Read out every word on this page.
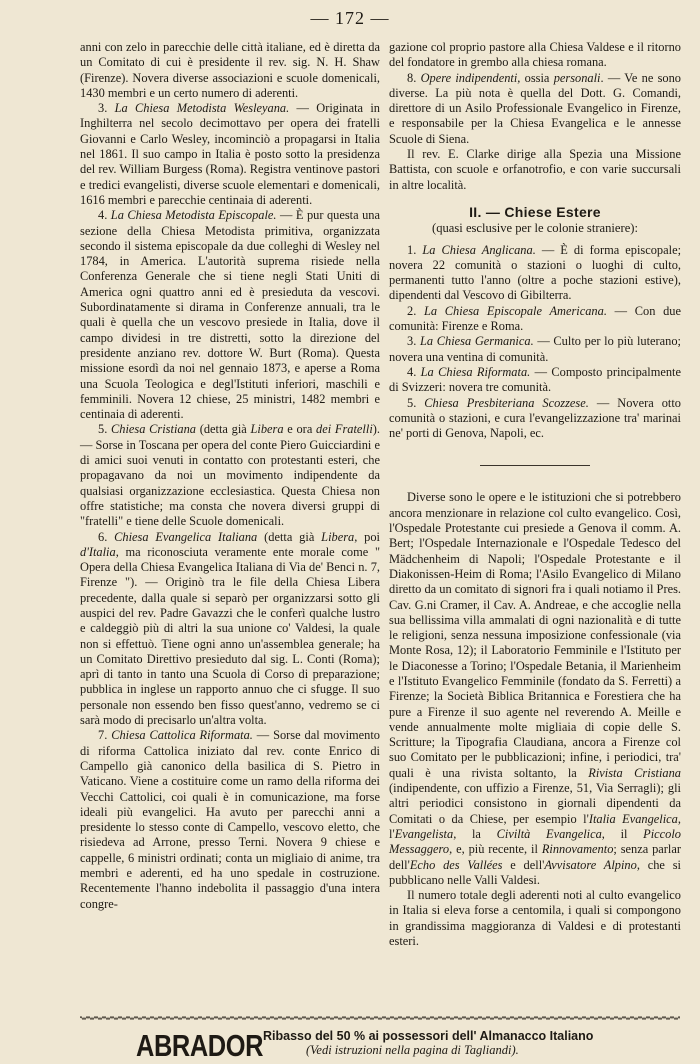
— 172 —

anni con zelo in parecchie delle città italiane, ed è diretta da un Comitato di cui è presidente il rev. sig. N. H. Shaw (Firenze). Novera diverse associazioni e scuole domenicali, 1430 membri e un certo numero di aderenti.

3. La Chiesa Metodista Wesleyana. — Originata in Inghilterra nel secolo decimottavo per opera dei fratelli Giovanni e Carlo Wesley, incominciò a propagarsi in Italia nel 1861. Il suo campo in Italia è posto sotto la presidenza del rev. William Burgess (Roma). Registra ventinove pastori e tredici evangelisti, diverse scuole elementari e domenicali, 1616 membri e parecchie centinaia di aderenti.

4. La Chiesa Metodista Episcopale. — È pur questa una sezione della Chiesa Metodista primitiva, organizzata secondo il sistema episcopale da due colleghi di Wesley nel 1784, in America. L'autorità suprema risiede nella Conferenza Generale che si tiene negli Stati Uniti di America ogni quattro anni ed è presieduta da vescovi. Subordinatamente si dirama in Conferenze annuali, tra le quali è quella che un vescovo presiede in Italia, dove il campo dividesi in tre distretti, sotto la direzione del presidente anziano rev. dottore W. Burt (Roma). Questa missione esordì da noi nel gennaio 1873, e aperse a Roma una Scuola Teologica e degl'Istituti inferiori, maschili e femminili. Novera 12 chiese, 25 ministri, 1482 membri e centinaia di aderenti.

5. Chiesa Cristiana (detta già Libera e ora dei Fratelli). — Sorse in Toscana per opera del conte Piero Guicciardini e di amici suoi venuti in contatto con protestanti esteri, che propagavano da noi un movimento indipendente da qualsiasi organizzazione ecclesiastica. Questa Chiesa non offre statistiche; ma consta che novera diversi gruppi di "fratelli" e tiene delle Scuole domenicali.

6. Chiesa Evangelica Italiana (detta già Libera, poi d'Italia, ma riconosciuta veramente ente morale come " Opera della Chiesa Evangelica Italiana di Via de' Benci n. 7, Firenze "). — Originò tra le file della Chiesa Libera precedente, dalla quale si separò per organizzarsi sotto gli auspici del rev. Padre Gavazzi che le conferì qualche lustro e caldeggiò più di altri la sua unione co' Valdesi, la quale non si effettuò. Tiene ogni anno un'assemblea generale; ha un Comitato Direttivo presieduto dal sig. L. Conti (Roma); aprì di tanto in tanto una Scuola di Corso di preparazione; pubblica in inglese un rapporto annuo che ci sfugge. Il suo personale non essendo ben fisso quest'anno, vedremo se ci sarà modo di precisarlo un'altra volta.

7. Chiesa Cattolica Riformata. — Sorse dal movimento di riforma Cattolica iniziato dal rev. conte Enrico di Campello già canonico della basilica di S. Pietro in Vaticano. Viene a costituire come un ramo della riforma dei Vecchi Cattolici, coi quali è in comunicazione, ma forse ideali più evangelici. Ha avuto per parecchi anni a presidente lo stesso conte di Campello, vescovo eletto, che risiedeva ad Arrone, presso Terni. Novera 9 chiese e cappelle, 6 ministri ordinati; conta un migliaio di anime, tra membri e aderenti, ed ha uno spedale in costruzione. Recentemente l'hanno indebolita il passaggio d'una intera congre-

gazione col proprio pastore alla Chiesa Valdese e il ritorno del fondatore in grembo alla chiesa romana.

8. Opere indipendenti, ossia personali. — Ve ne sono diverse. La più nota è quella del Dott. G. Comandi, direttore di un Asilo Professionale Evangelico in Firenze, e responsabile per la Chiesa Evangelica e le annesse Scuole di Siena.

Il rev. E. Clarke dirige alla Spezia una Missione Battista, con scuole e orfanotrofio, e con varie succursali in altre località.

II. — Chiese Estere
(quasi esclusive per le colonie straniere):

1. La Chiesa Anglicana. — È di forma episcopale; novera 22 comunità o stazioni o luoghi di culto, permanenti tutto l'anno (oltre a poche stazioni estive), dipendenti dal Vescovo di Gibilterra.

2. La Chiesa Episcopale Americana. — Con due comunità: Firenze e Roma.

3. La Chiesa Germanica. — Culto per lo più luterano; novera una ventina di comunità.

4. La Chiesa Riformata. — Composto principalmente di Svizzeri: novera tre comunità.

5. Chiesa Presbiteriana Scozzese. — Novera otto comunità o stazioni, e cura l'evangelizzazione tra' marinai ne' porti di Genova, Napoli, ec.

Diverse sono le opere e le istituzioni che si potrebbero ancora menzionare in relazione col culto evangelico. Così, l'Ospedale Protestante cui presiede a Genova il comm. A. Bert; l'Ospedale Internazionale e l'Ospedale Tedesco del Mädchenheim di Napoli; l'Ospedale Protestante e il Diakonissen-Heim di Roma; l'Asilo Evangelico di Milano diretto da un comitato di signori fra i quali notiamo il Pres. Cav. G.ni Cramer, il Cav. A. Andreae, e che accoglie nella sua bellissima villa ammalati di ogni nazionalità e di tutte le religioni, senza nessuna imposizione confessionale (via Monte Rosa, 12); il Laboratorio Femminile e l'Istituto per le Diaconesse a Torino; l'Ospedale Betania, il Marienheim e l'Istituto Evangelico Femminile (fondato da S. Ferretti) a Firenze; la Società Biblica Britannica e Forestiera che ha pure a Firenze il suo agente nel reverendo A. Meille e vende annualmente molte migliaia di copie delle S. Scritture; la Tipografia Claudiana, ancora a Firenze col suo Comitato per le pubblicazioni; infine, i periodici, tra' quali è una rivista soltanto, la Rivista Cristiana (indipendente, con uffizio a Firenze, 51, Via Serragli); gli altri periodici consistono in giornali dipendenti da Comitati o da Chiese, per esempio l'Italia Evangelica, l'Evangelista, la Civiltà Evangelica, il Piccolo Messaggero, e, più recente, il Rinnovamento; senza parlar dell'Echo des Vallées e dell'Avvisatore Alpino, che si pubblicano nelle Valli Valdesi.

Il numero totale degli aderenti noti al culto evangelico in Italia si eleva forse a centomila, i quali si compongono in grandissima maggioranza di Valdesi e di protestanti esteri.

ABRADOR Ribasso del 50 % ai possessori dell' Almanacco Italiano
(Vedi istruzioni nella pagina di Tagliandi).
